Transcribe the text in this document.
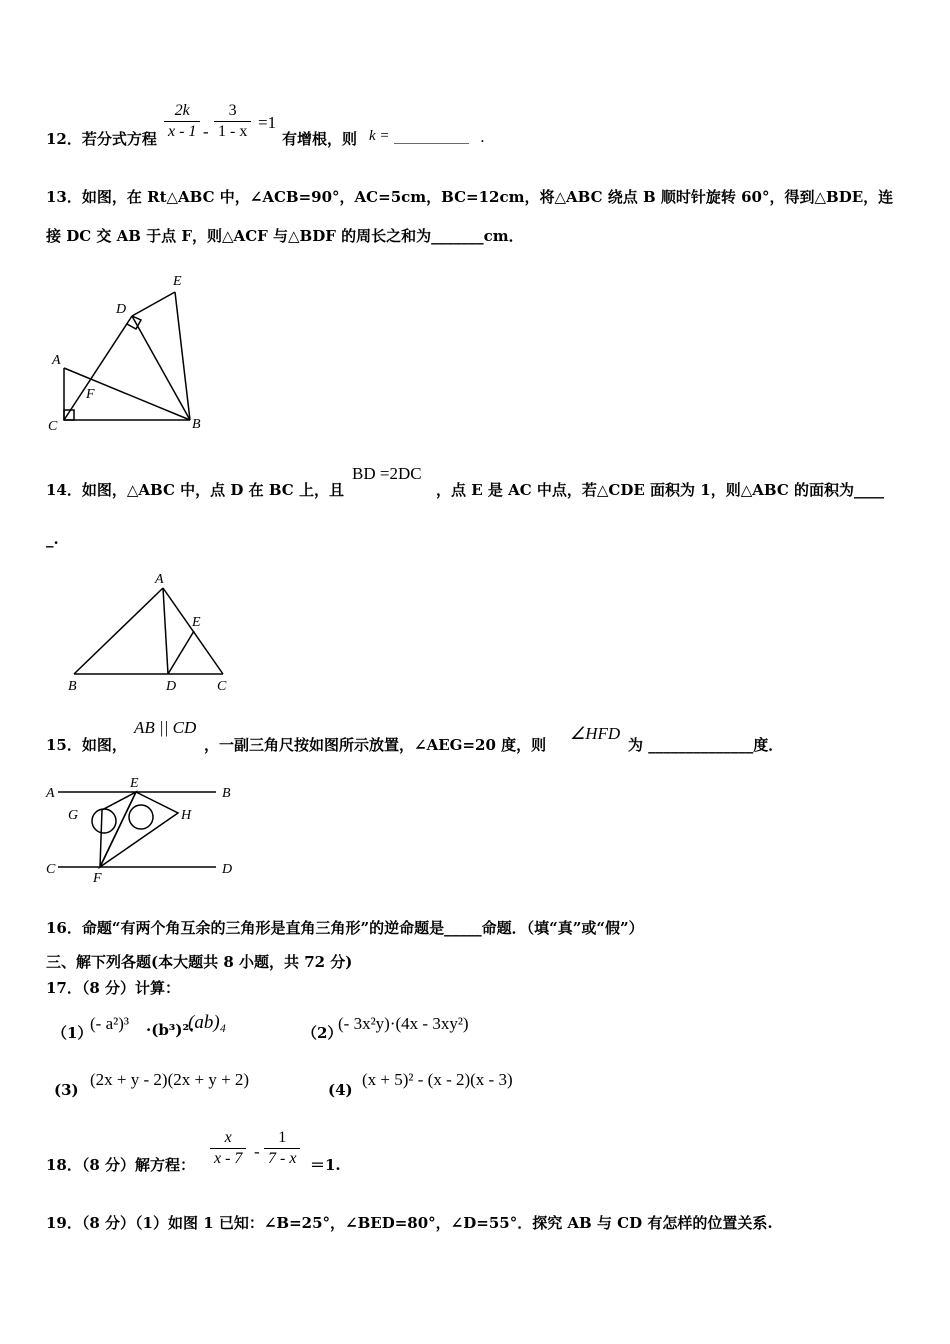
12．若分式方程 $\frac{2k}{x - 1} - \frac{3}{1 - x} =1$
有增根，则 k = __________ .
13．如图，在 Rt△ABC 中，∠ACB=90°，AC=5cm，BC=12cm，将△ABC 绕点 B 顺时针旋转 60°，得到△BDE，连
接 DC 交 AB 于点 F，则△ACF 与△BDF 的周长之和为_______cm．
A
B
C
D
E
F
14．如图，△ABC 中，点 D 在 BC 上，且
BD =2DC
，点 E 是 AC 中点，若△CDE 面积为 1，则△ABC 的面积为____
_.
A
B	C
D
E
15．如图，
AB || CD
，一副三角尺按如图所示放置，∠AEG=20 度，则
∠HFD
为 ______________度．
A	B
C	D
E
F
G	H
16．命题“有两个角互余的三角形是直角三角形”的逆命题是_____命题．（填“真”或“假”）
三、解下列各题(本大题共 8 小题，共 72 分)
17．（8 分）计算：
（1）
(- a²)³ ·(b³)²·
(ab)₄	（2）
(- 3x²y)·(4x - 3xy²)
(3)
(2x + y - 2)(2x + y + 2)
(4)
(x + 5)² - (x - 2)(x - 3)
18．（8 分）解方程： $\frac{x}{x - 7} - \frac{1}{7 - x} =1$.
19．（8 分）（1）如图 1 已知：∠B=25°，∠BED=80°，∠D=55°．探究 AB 与 CD 有怎样的位置关系.
